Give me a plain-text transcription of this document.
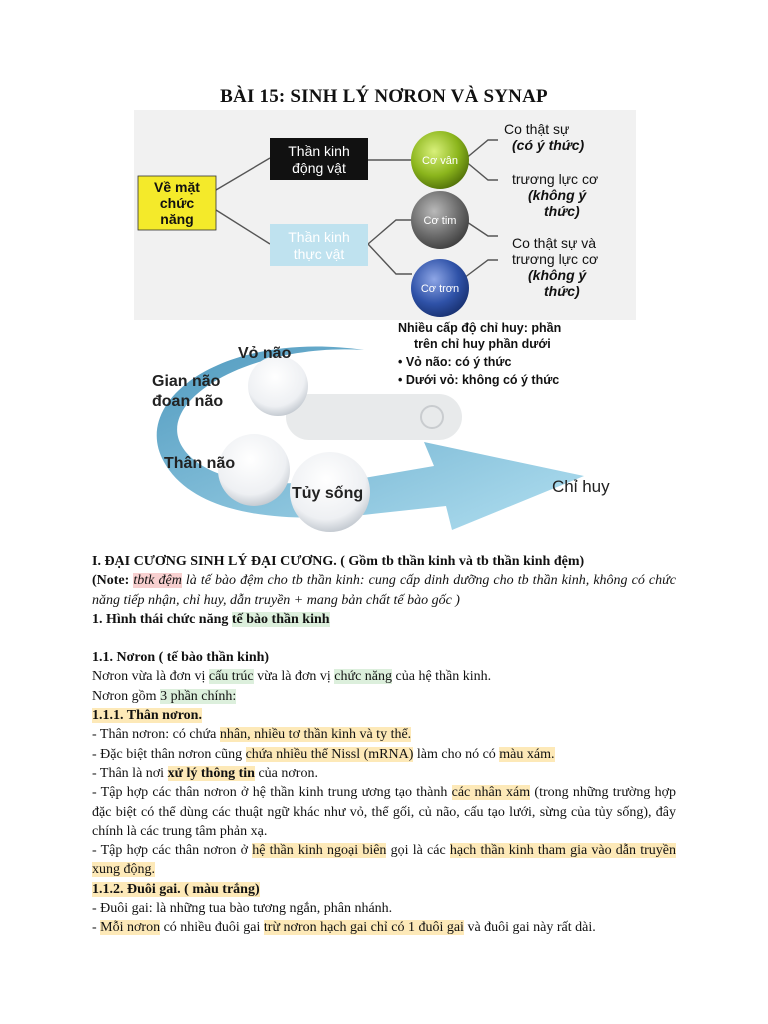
BÀI 15: SINH LÝ NƠRON VÀ SYNAP
Về mặt
chức
năng
Thần kinh
động vật
Thần kinh
thực vật
Cơ vân
Cơ tim
Cơ trơn
Co thật sự
(có ý thức)
trương lực cơ
(không ý
thức)
Co thật sự và
trương lực cơ
(không ý
thức)
Nhiều cấp độ chỉ huy: phần
trên chỉ huy phần dưới
• Vỏ não: có ý thức
• Dưới vỏ: không có ý thức
Vỏ não
Gian não
đoan não
Thân não
Tủy sống	Chỉ huy

I. ĐẠI CƯƠNG SINH LÝ ĐẠI CƯƠNG. ( Gồm tb thần kinh và tb thần kinh đệm)

(Note: tbtk đệm là tế bào đệm cho tb thần kinh: cung cấp dinh dưỡng cho tb thần kinh, không có chức năng tiếp nhận, chỉ huy, dẫn truyền + mang bản chất tế bào gốc )

1. Hình thái chức năng tế bào thần kinh

1.1. Nơron ( tế bào thần kinh)

Nơron vừa là đơn vị cấu trúc vừa là đơn vị chức năng của hệ thần kinh.

Nơron gồm 3 phần chính:

1.1.1. Thân nơron.

- Thân nơron: có chứa nhân, nhiều tơ thần kinh và ty thể.

- Đặc biệt thân nơron cũng chứa nhiều thể Nissl (mRNA) làm cho nó có màu xám.

- Thân là nơi xử lý thông tin của nơron.

- Tập hợp các thân nơron ở hệ thần kinh trung ương tạo thành các nhân xám (trong những trường hợp đặc biệt có thể dùng các thuật ngữ khác như vỏ, thể gối, củ não, cấu tạo lưới, sừng của tủy sống), đây chính là các trung tâm phản xạ.

- Tập hợp các thân nơron ở hệ thần kinh ngoại biên gọi là các hạch thần kinh tham gia vào dẫn truyền xung động.

1.1.2. Đuôi gai. ( màu trắng)

- Đuôi gai: là những tua bào tương ngắn, phân nhánh.

- Mỗi nơron có nhiều đuôi gai trừ nơron hạch gai chỉ có 1 đuôi gai và đuôi gai này rất dài.
